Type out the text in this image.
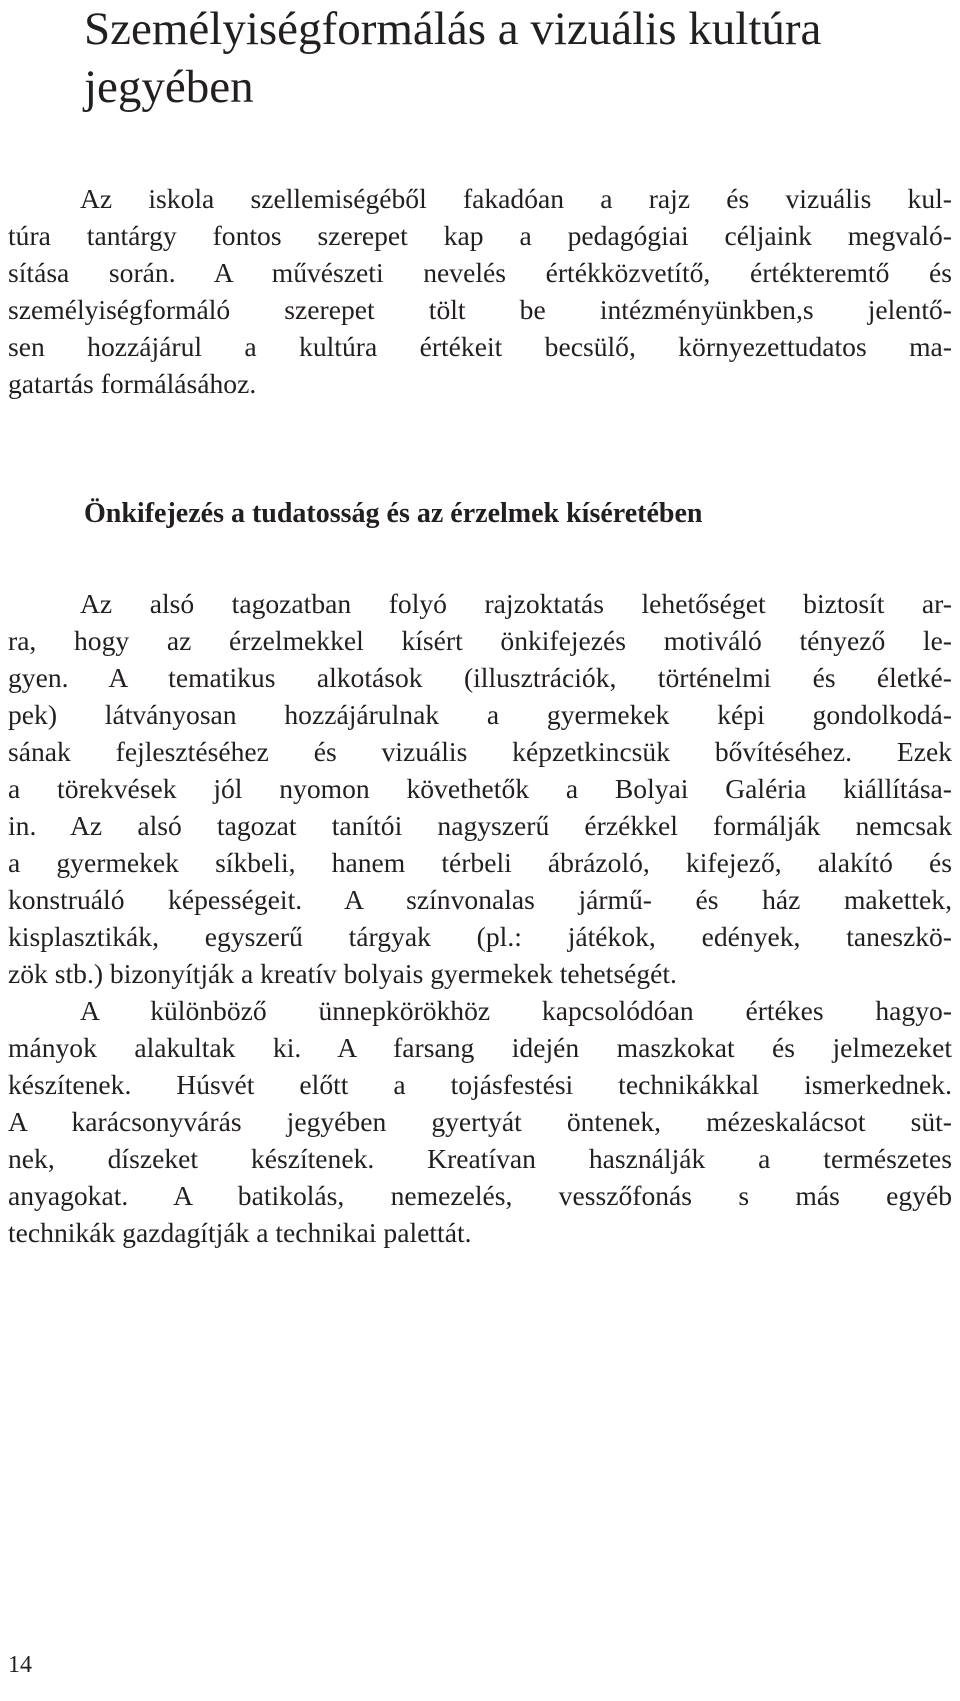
Személyiségformálás a vizuális kultúra
jegyében
Az iskola szellemiségéből fakadóan a rajz és vizuális kul-
túra tantárgy fontos szerepet kap a pedagógiai céljaink megvaló-
sítása során. A művészeti nevelés értékközvetítő, értékteremtő és
személyiségformáló szerepet tölt be intézményünkben,s jelentő-
sen hozzájárul a kultúra értékeit becsülő, környezettudatos ma-
gatartás formálásához.
Önkifejezés a tudatosság és az érzelmek kíséretében
Az alsó tagozatban folyó rajzoktatás lehetőséget biztosít ar-
ra, hogy az érzelmekkel kísért önkifejezés motiváló tényező le-
gyen. A tematikus alkotások (illusztrációk, történelmi és életké-
pek) látványosan hozzájárulnak a gyermekek képi gondolkodá-
sának fejlesztéséhez és vizuális képzetkincsük bővítéséhez. Ezek
a törekvések jól nyomon követhetők a Bolyai Galéria kiállítása-
in. Az alsó tagozat tanítói nagyszerű érzékkel formálják nemcsak
a gyermekek síkbeli, hanem térbeli ábrázoló, kifejező, alakító és
konstruáló képességeit. A színvonalas jármű- és ház makettek,
kisplasztikák, egyszerű tárgyak (pl.: játékok, edények, taneszkö-
zök stb.) bizonyítják a kreatív bolyais gyermekek tehetségét.
A különböző ünnepkörökhöz kapcsolódóan értékes hagyo-
mányok alakultak ki. A farsang idején maszkokat és jelmezeket
készítenek. Húsvét előtt a tojásfestési technikákkal ismerkednek.
A karácsonyvárás jegyében gyertyát öntenek, mézeskalácsot süt-
nek, díszeket készítenek. Kreatívan használják a természetes
anyagokat. A batikolás, nemezelés, vesszőfonás s más egyéb
technikák gazdagítják a technikai palettát.
14
